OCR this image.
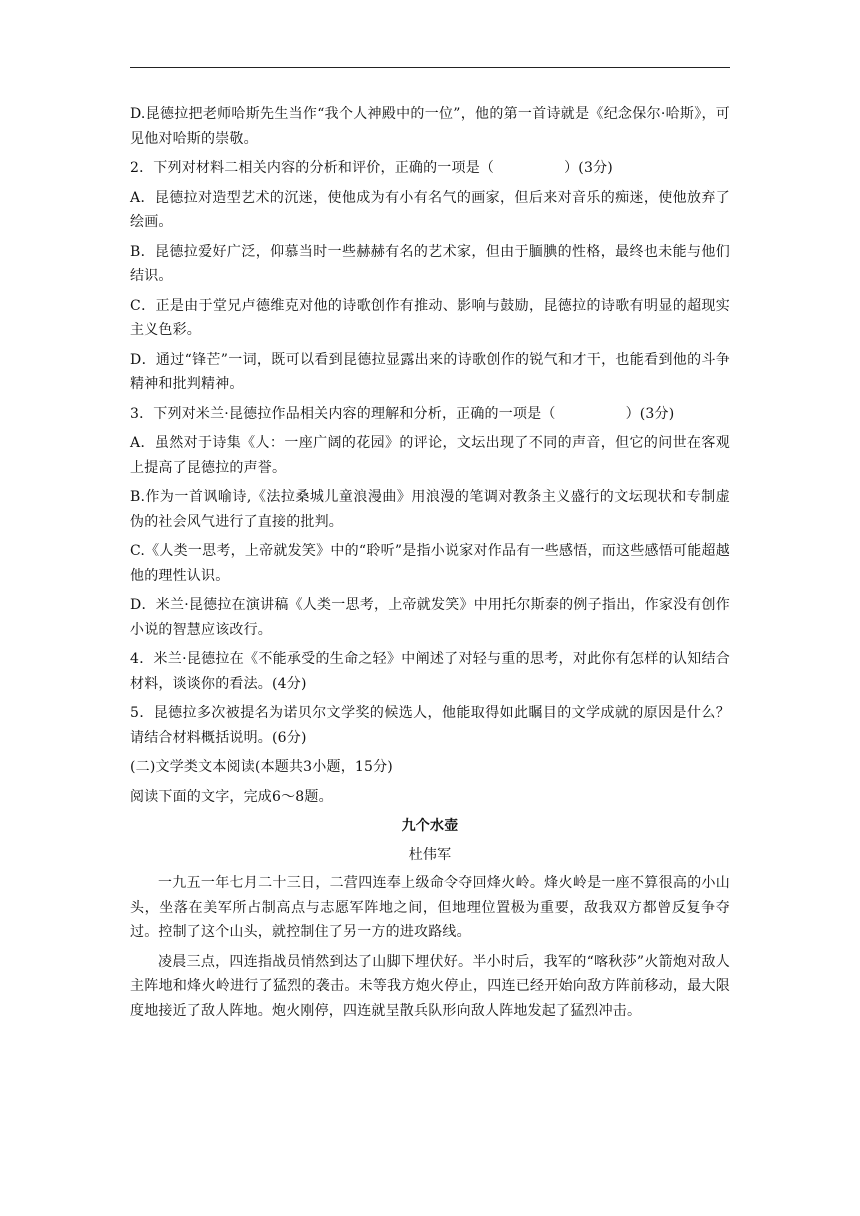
D.昆德拉把老师哈斯先生当作“我个人神殿中的一位”，他的第一首诗就是《纪念保尔·哈斯》，可见他对哈斯的崇敬。

2．下列对材料二相关内容的分析和评价，正确的一项是（	）(3分)

A．昆德拉对造型艺术的沉迷，使他成为有小有名气的画家，但后来对音乐的痴迷，使他放弃了绘画。

B．昆德拉爱好广泛，仰慕当时一些赫赫有名的艺术家，但由于腼腆的性格，最终也未能与他们结识。

C．正是由于堂兄卢德维克对他的诗歌创作有推动、影响与鼓励，昆德拉的诗歌有明显的超现实主义色彩。

D．通过“锋芒”一词，既可以看到昆德拉显露出来的诗歌创作的锐气和才干，也能看到他的斗争精神和批判精神。

3．下列对米兰·昆德拉作品相关内容的理解和分析，正确的一项是（	）(3分)

A．虽然对于诗集《人：一座广阔的花园》的评论，文坛出现了不同的声音，但它的问世在客观上提高了昆德拉的声誉。

B.作为一首讽喻诗,《法拉桑城儿童浪漫曲》用浪漫的笔调对教条主义盛行的文坛现状和专制虚伪的社会风气进行了直接的批判。

C.《人类一思考，上帝就发笑》中的“聆听”是指小说家对作品有一些感悟，而这些感悟可能超越他的理性认识。

D．米兰·昆德拉在演讲稿《人类一思考，上帝就发笑》中用托尔斯泰的例子指出，作家没有创作小说的智慧应该改行。

4．米兰·昆德拉在《不能承受的生命之轻》中阐述了对轻与重的思考，对此你有怎样的认知结合材料，谈谈你的看法。(4分)

5．昆德拉多次被提名为诺贝尔文学奖的候选人，他能取得如此瞩目的文学成就的原因是什么？请结合材料概括说明。(6分)

(二)文学类文本阅读(本题共3小题，15分)

阅读下面的文字，完成6～8题。

九个水壶

杜伟军

一九五一年七月二十三日，二营四连奉上级命令夺回烽火岭。烽火岭是一座不算很高的小山头，坐落在美军所占制高点与志愿军阵地之间，但地理位置极为重要，敌我双方都曾反复争夺过。控制了这个山头，就控制住了另一方的进攻路线。

凌晨三点，四连指战员悄然到达了山脚下埋伏好。半小时后，我军的“喀秋莎”火箭炮对敌人主阵地和烽火岭进行了猛烈的袭击。未等我方炮火停止，四连已经开始向敌方阵前移动，最大限度地接近了敌人阵地。炮火刚停，四连就呈散兵队形向敌人阵地发起了猛烈冲击。
